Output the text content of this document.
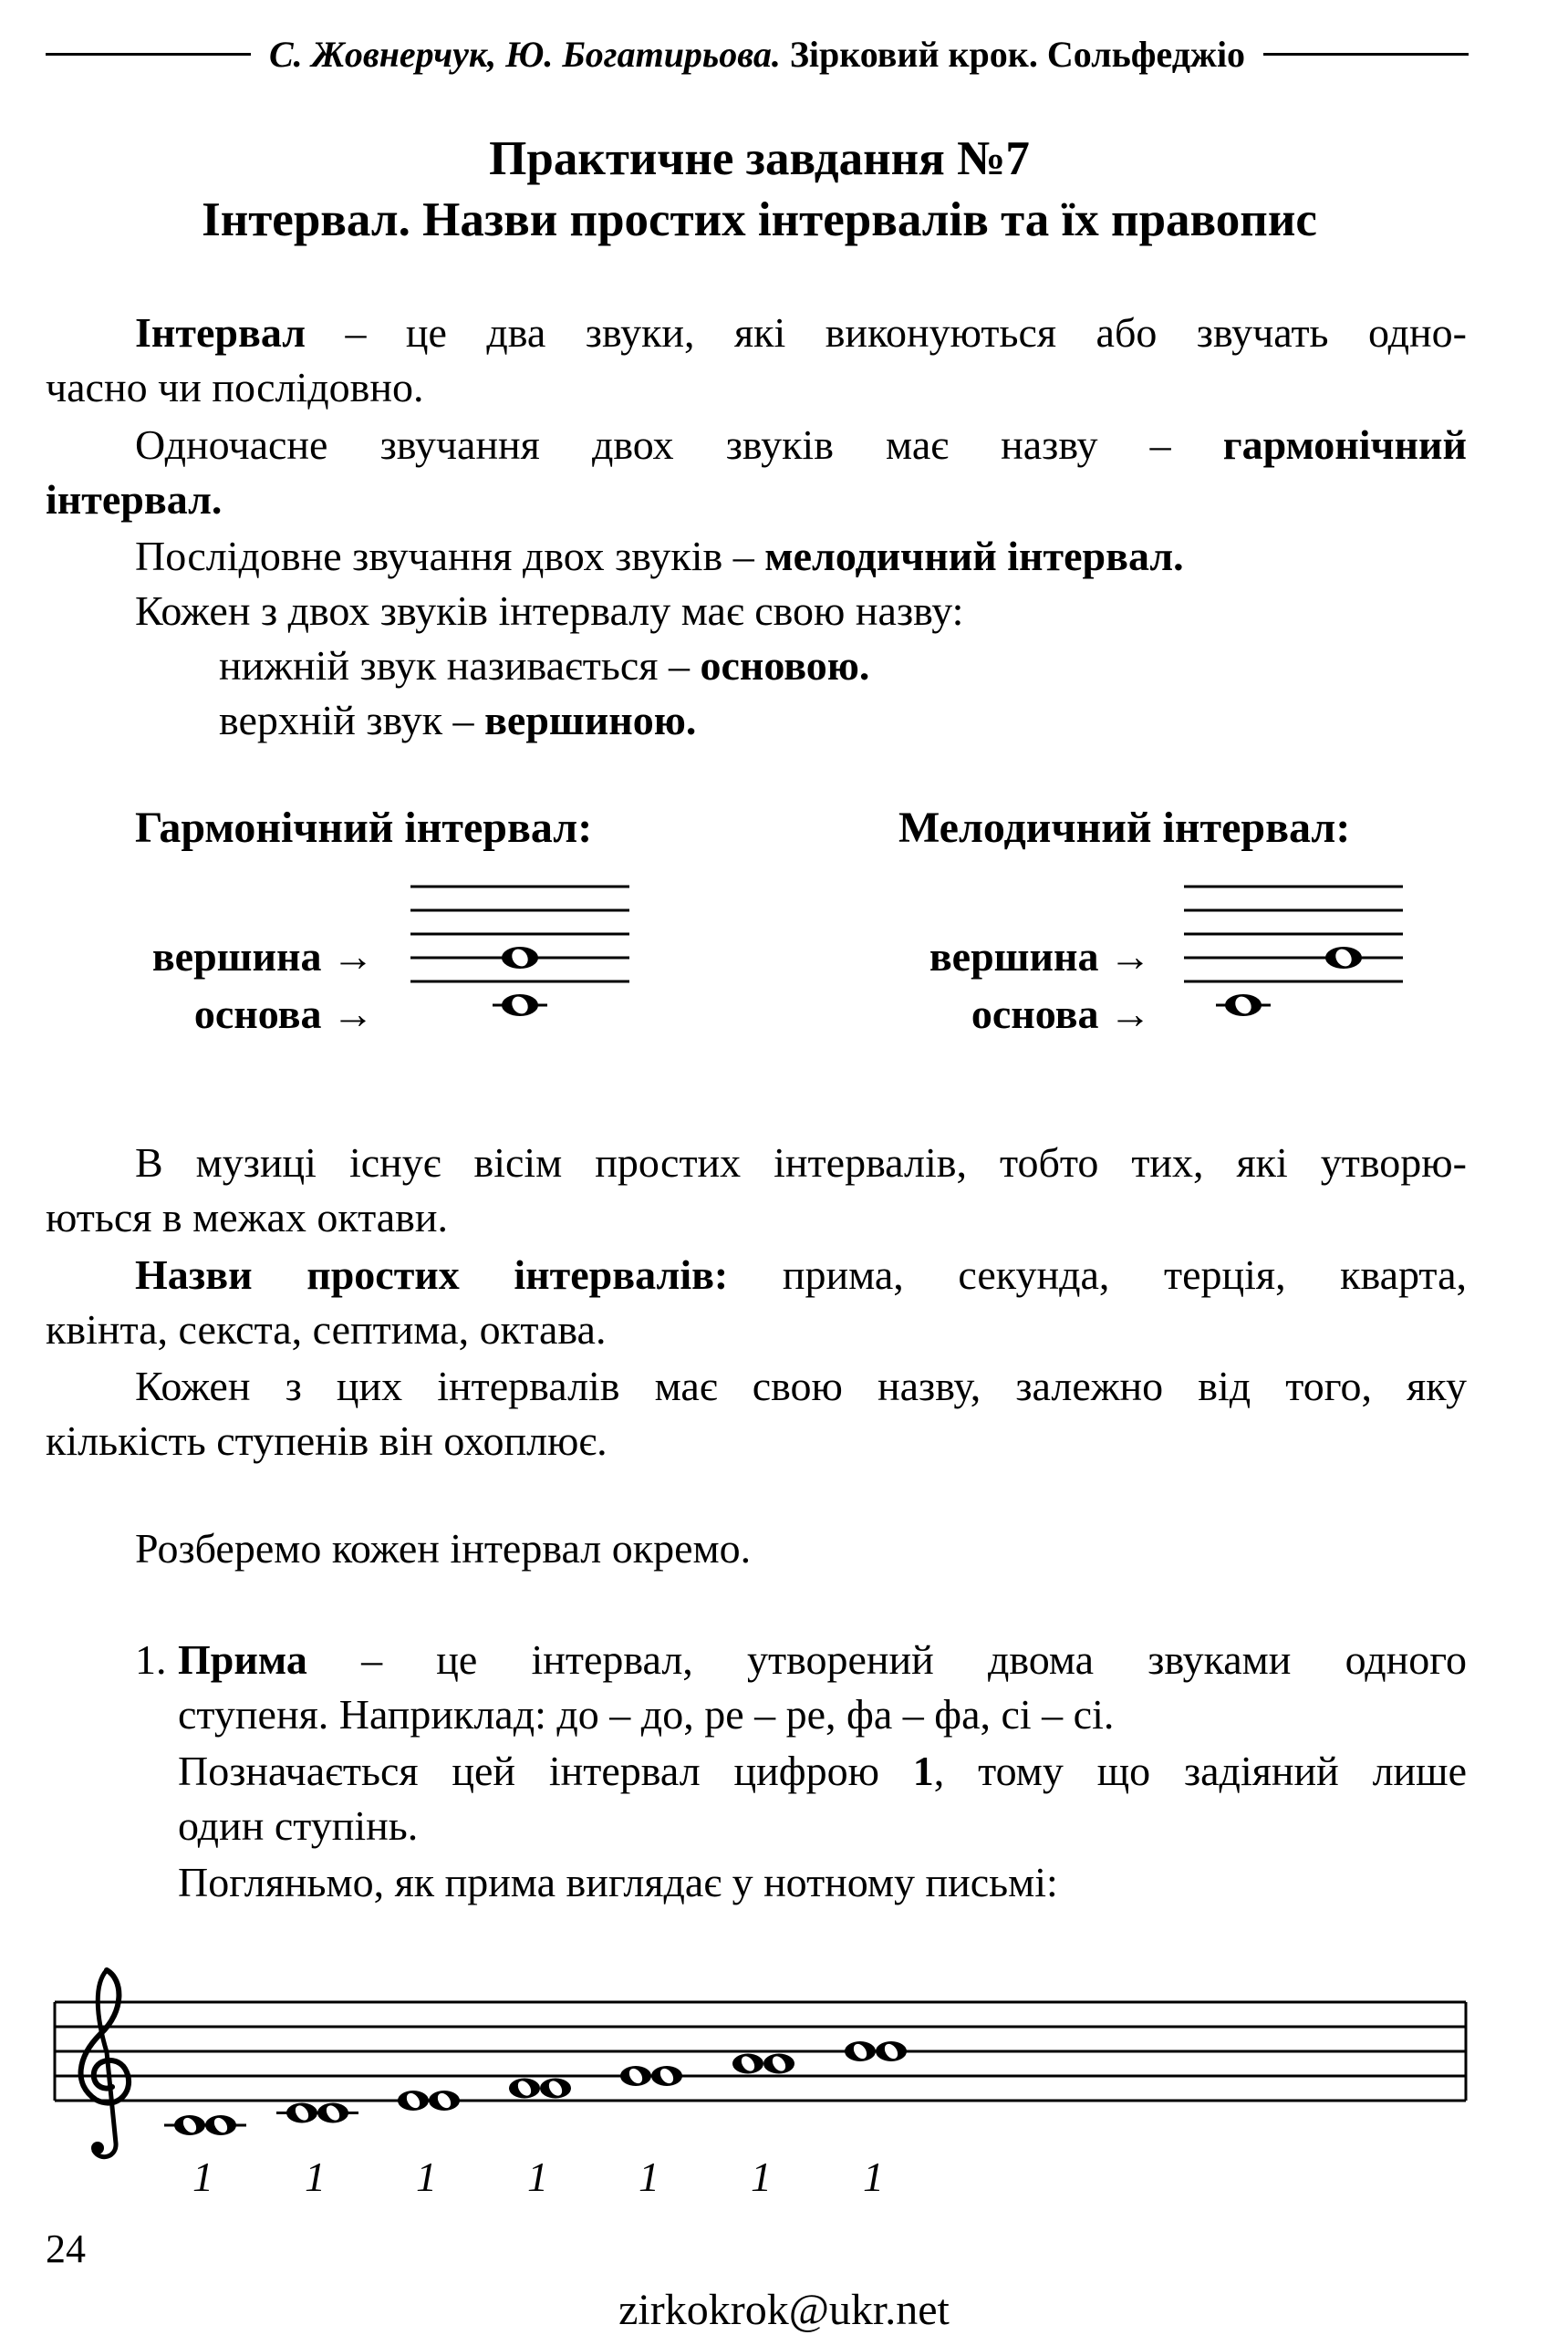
С. Жовнерчук, Ю. Богатирьова. Зірковий крок. Сольфеджіо
Практичне завдання №7
Інтервал. Назви простих інтервалів та їх правопис
Інтервал – це два звуки, які виконуються або звучать одно-
часно чи послідовно.
Одночасне звучання двох звуків має назву – гармонічний
інтервал.
Послідовне звучання двох звуків – мелодичний інтервал.
Кожен з двох звуків інтервалу має свою назву:
нижній звук називається – основою.
верхній звук – вершиною.
Гармонічний інтервал:	Мелодичний інтервал:
вершина →
основа →
вершина →
основа →
В музиці існує вісім простих інтервалів, тобто тих, які утворю-
ються в межах октави.
Назви простих інтервалів: прима, секунда, терція, кварта,
квінта, секста, септима, октава.
Кожен з цих інтервалів має свою назву, залежно від того, яку
кількість ступенів він охоплює.
Розберемо кожен інтервал окремо.
1. Прима – це інтервал, утворений двома звуками одного
ступеня. Наприклад: до – до, ре – ре, фа – фа, сі – сі.
Позначається цей інтервал цифрою 1, тому що задіяний лише
один ступінь.
Погляньмо, як прима виглядає у нотному письмі:
1 1 1 1 1 1 1
24
zirkokrok@ukr.net
